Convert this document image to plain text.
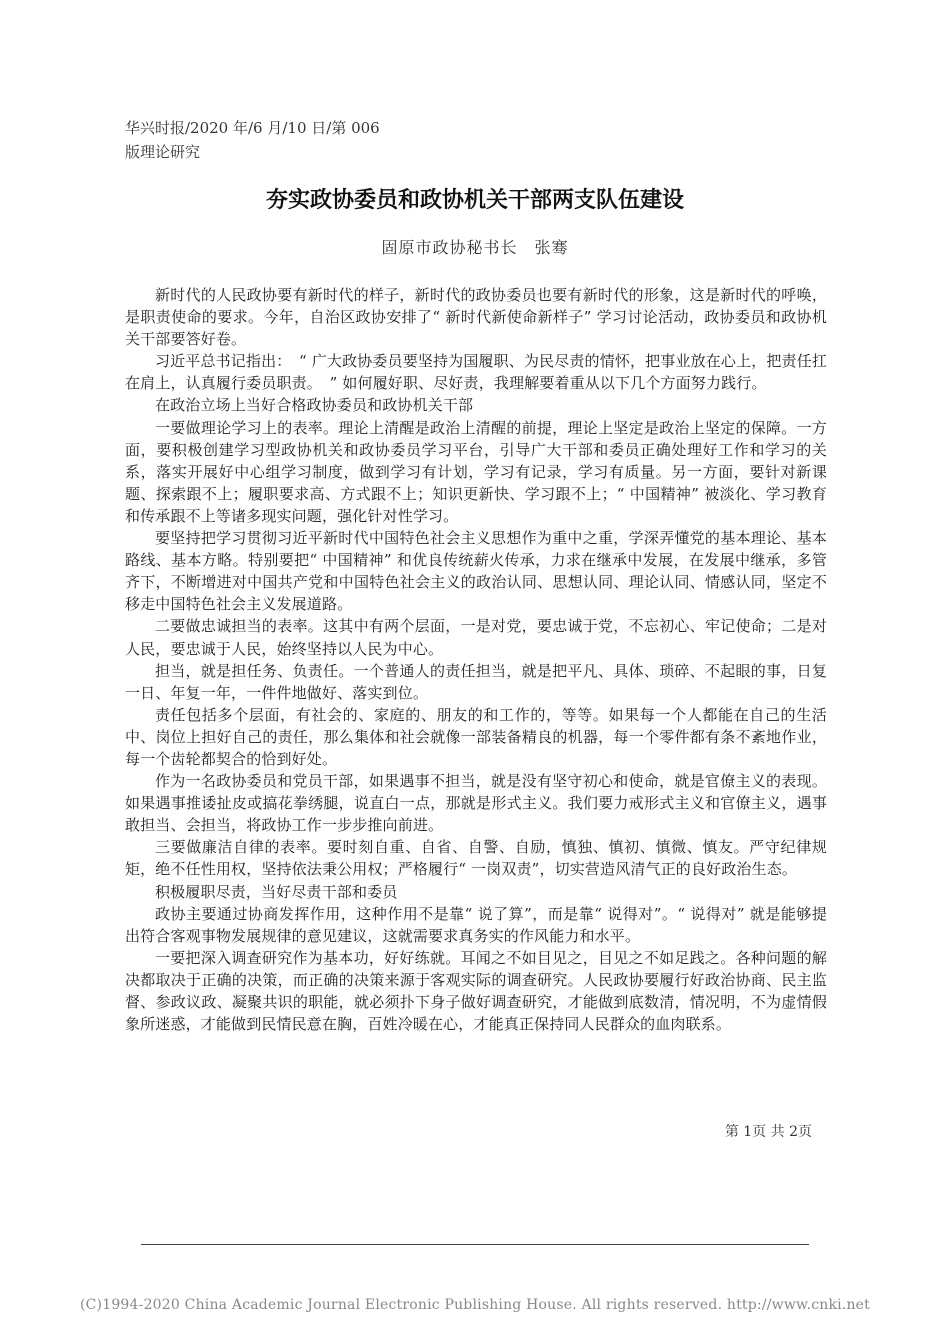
华兴时报/2020 年/6 月/10 日/第 006
版理论研究
夯实政协委员和政协机关干部两支队伍建设
固原市政协秘书长　张骞

新时代的人民政协要有新时代的样子，新时代的政协委员也要有新时代的形象，这是新时代的呼唤，是职责使命的要求。今年，自治区政协安排了“ 新时代新使命新样子” 学习讨论活动，政协委员和政协机关干部要答好卷。

习近平总书记指出：　“ 广大政协委员要坚持为国履职、为民尽责的情怀，把事业放在心上，把责任扛在肩上，认真履行委员职责。　” 如何履好职、尽好责，我理解要着重从以下几个方面努力践行。

在政治立场上当好合格政协委员和政协机关干部

一要做理论学习上的表率。理论上清醒是政治上清醒的前提，理论上坚定是政治上坚定的保障。一方面，要积极创建学习型政协机关和政协委员学习平台，引导广大干部和委员正确处理好工作和学习的关系，落实开展好中心组学习制度，做到学习有计划，学习有记录，学习有质量。另一方面，要针对新课题、探索跟不上；履职要求高、方式跟不上；知识更新快、学习跟不上；“ 中国精神” 被淡化、学习教育和传承跟不上等诸多现实问题，强化针对性学习。

要坚持把学习贯彻习近平新时代中国特色社会主义思想作为重中之重，学深弄懂党的基本理论、基本路线、基本方略。特别要把“ 中国精神” 和优良传统薪火传承，力求在继承中发展，在发展中继承，多管齐下，不断增进对中国共产党和中国特色社会主义的政治认同、思想认同、理论认同、情感认同，坚定不移走中国特色社会主义发展道路。

二要做忠诚担当的表率。这其中有两个层面，一是对党，要忠诚于党，不忘初心、牢记使命；二是对人民，要忠诚于人民，始终坚持以人民为中心。

担当，就是担任务、负责任。一个普通人的责任担当，就是把平凡、具体、琐碎、不起眼的事，日复一日、年复一年，一件件地做好、落实到位。

责任包括多个层面，有社会的、家庭的、朋友的和工作的，等等。如果每一个人都能在自己的生活中、岗位上担好自己的责任，那么集体和社会就像一部装备精良的机器，每一个零件都有条不紊地作业，每一个齿轮都契合的恰到好处。

作为一名政协委员和党员干部，如果遇事不担当，就是没有坚守初心和使命，就是官僚主义的表现。如果遇事推诿扯皮或搞花拳绣腿，说直白一点，那就是形式主义。我们要力戒形式主义和官僚主义，遇事敢担当、会担当，将政协工作一步步推向前进。

三要做廉洁自律的表率。要时刻自重、自省、自警、自励，慎独、慎初、慎微、慎友。严守纪律规矩，绝不任性用权，坚持依法秉公用权；严格履行“ 一岗双责”，切实营造风清气正的良好政治生态。

积极履职尽责，当好尽责干部和委员

政协主要通过协商发挥作用，这种作用不是靠“ 说了算”，而是靠“ 说得对”。“ 说得对” 就是能够提出符合客观事物发展规律的意见建议，这就需要求真务实的作风能力和水平。

一要把深入调查研究作为基本功，好好练就。耳闻之不如目见之，目见之不如足践之。各种问题的解决都取决于正确的决策，而正确的决策来源于客观实际的调查研究。人民政协要履行好政治协商、民主监督、参政议政、凝聚共识的职能，就必须扑下身子做好调查研究，才能做到底数清，情况明，不为虚情假象所迷惑，才能做到民情民意在胸，百姓冷暖在心，才能真正保持同人民群众的血肉联系。

第 1页 共 2页
(C)1994-2020 China Academic Journal Electronic Publishing House. All rights reserved. http://www.cnki.net
